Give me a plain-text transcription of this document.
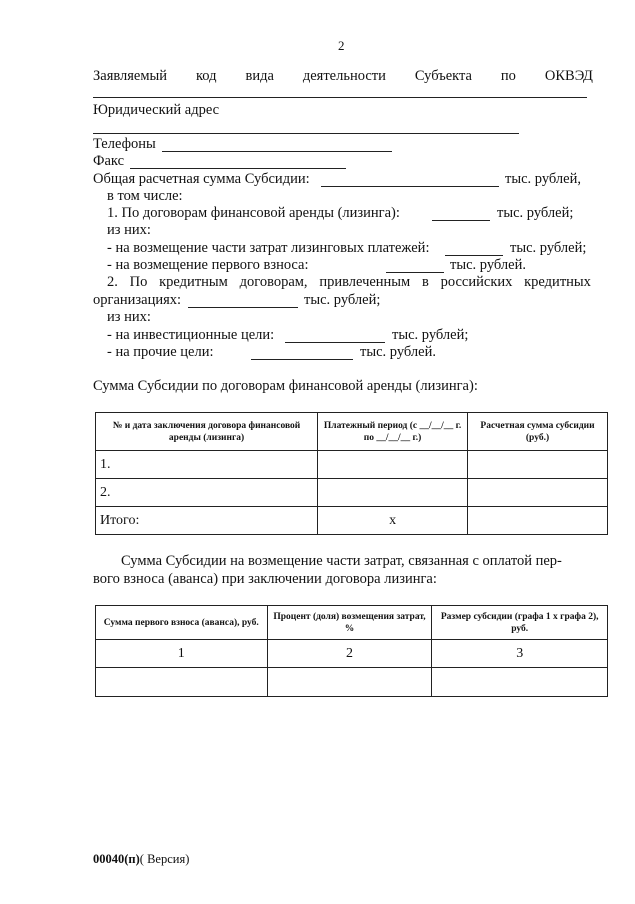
2
Заявляемый код вида деятельности Субъекта по ОКВЭД
Юридический адрес
Телефоны
Факс
Общая расчетная сумма Субсидии:	тыс. рублей,
в том числе:
1. По договорам финансовой аренды (лизинга):	тыс. рублей;
из них:
- на возмещение части затрат лизинговых платежей:	тыс. рублей;
- на возмещение первого взноса:	тыс. рублей.
2. По кредитным договорам, привлеченным в российских кредитных
организациях:	тыс. рублей;
из них:
- на инвестиционные цели:	тыс. рублей;
- на прочие цели:	тыс. рублей.
Сумма Субсидии по договорам финансовой аренды (лизинга):
№ и дата заключения договора финансовой аренды (лизинга)	Платежный период (с __/__/__ г. по __/__/__ г.)	Расчетная сумма субсидии (руб.)
1.		
2.		
Итого:	x	
Сумма Субсидии на возмещение части затрат, связанная с оплатой пер-
вого взноса (аванса) при заключении договора лизинга:
Сумма первого взноса (аванса), руб.	Процент (доля) возмещения затрат, %	Размер субсидии (графа 1 х графа 2), руб.
1	2	3

00040(п)( Версия)
